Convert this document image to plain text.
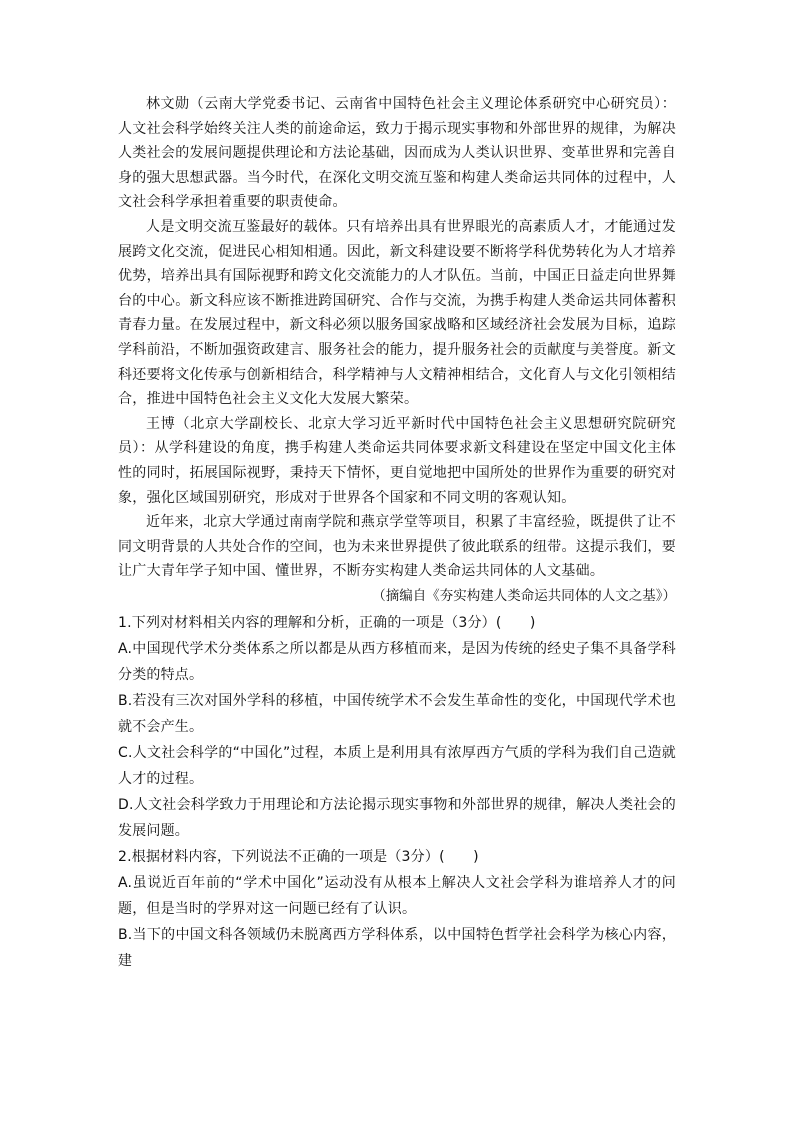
林文勋（云南大学党委书记、云南省中国特色社会主义理论体系研究中心研究员）：人文社会科学始终关注人类的前途命运，致力于揭示现实事物和外部世界的规律，为解决人类社会的发展问题提供理论和方法论基础，因而成为人类认识世界、变革世界和完善自身的强大思想武器。当今时代，在深化文明交流互鉴和构建人类命运共同体的过程中，人文社会科学承担着重要的职责使命。

人是文明交流互鉴最好的载体。只有培养出具有世界眼光的高素质人才，才能通过发展跨文化交流，促进民心相知相通。因此，新文科建设要不断将学科优势转化为人才培养优势，培养出具有国际视野和跨文化交流能力的人才队伍。当前，中国正日益走向世界舞台的中心。新文科应该不断推进跨国研究、合作与交流，为携手构建人类命运共同体蓄积青春力量。在发展过程中，新文科必须以服务国家战略和区域经济社会发展为目标，追踪学科前沿，不断加强资政建言、服务社会的能力，提升服务社会的贡献度与美誉度。新文科还要将文化传承与创新相结合，科学精神与人文精神相结合，文化育人与文化引领相结合，推进中国特色社会主义文化大发展大繁荣。

王博（北京大学副校长、北京大学习近平新时代中国特色社会主义思想研究院研究员）：从学科建设的角度，携手构建人类命运共同体要求新文科建设在坚定中国文化主体性的同时，拓展国际视野，秉持天下情怀，更自觉地把中国所处的世界作为重要的研究对象，强化区域国别研究，形成对于世界各个国家和不同文明的客观认知。

近年来，北京大学通过南南学院和燕京学堂等项目，积累了丰富经验，既提供了让不同文明背景的人共处合作的空间，也为未来世界提供了彼此联系的纽带。这提示我们，要让广大青年学子知中国、懂世界，不断夯实构建人类命运共同体的人文基础。

（摘编自《夯实构建人类命运共同体的人文之基》）

1.下列对材料相关内容的理解和分析，正确的一项是（3分）(　　)

A.中国现代学术分类体系之所以都是从西方移植而来，是因为传统的经史子集不具备学科分类的特点。

B.若没有三次对国外学科的移植，中国传统学术不会发生革命性的变化，中国现代学术也就不会产生。

C.人文社会科学的“中国化”过程，本质上是利用具有浓厚西方气质的学科为我们自己造就人才的过程。

D.人文社会科学致力于用理论和方法论揭示现实事物和外部世界的规律，解决人类社会的发展问题。

2.根据材料内容，下列说法不正确的一项是（3分）(　　)

A.虽说近百年前的“学术中国化”运动没有从根本上解决人文社会学科为谁培养人才的问题，但是当时的学界对这一问题已经有了认识。

B.当下的中国文科各领域仍未脱离西方学科体系，以中国特色哲学社会科学为核心内容，建
